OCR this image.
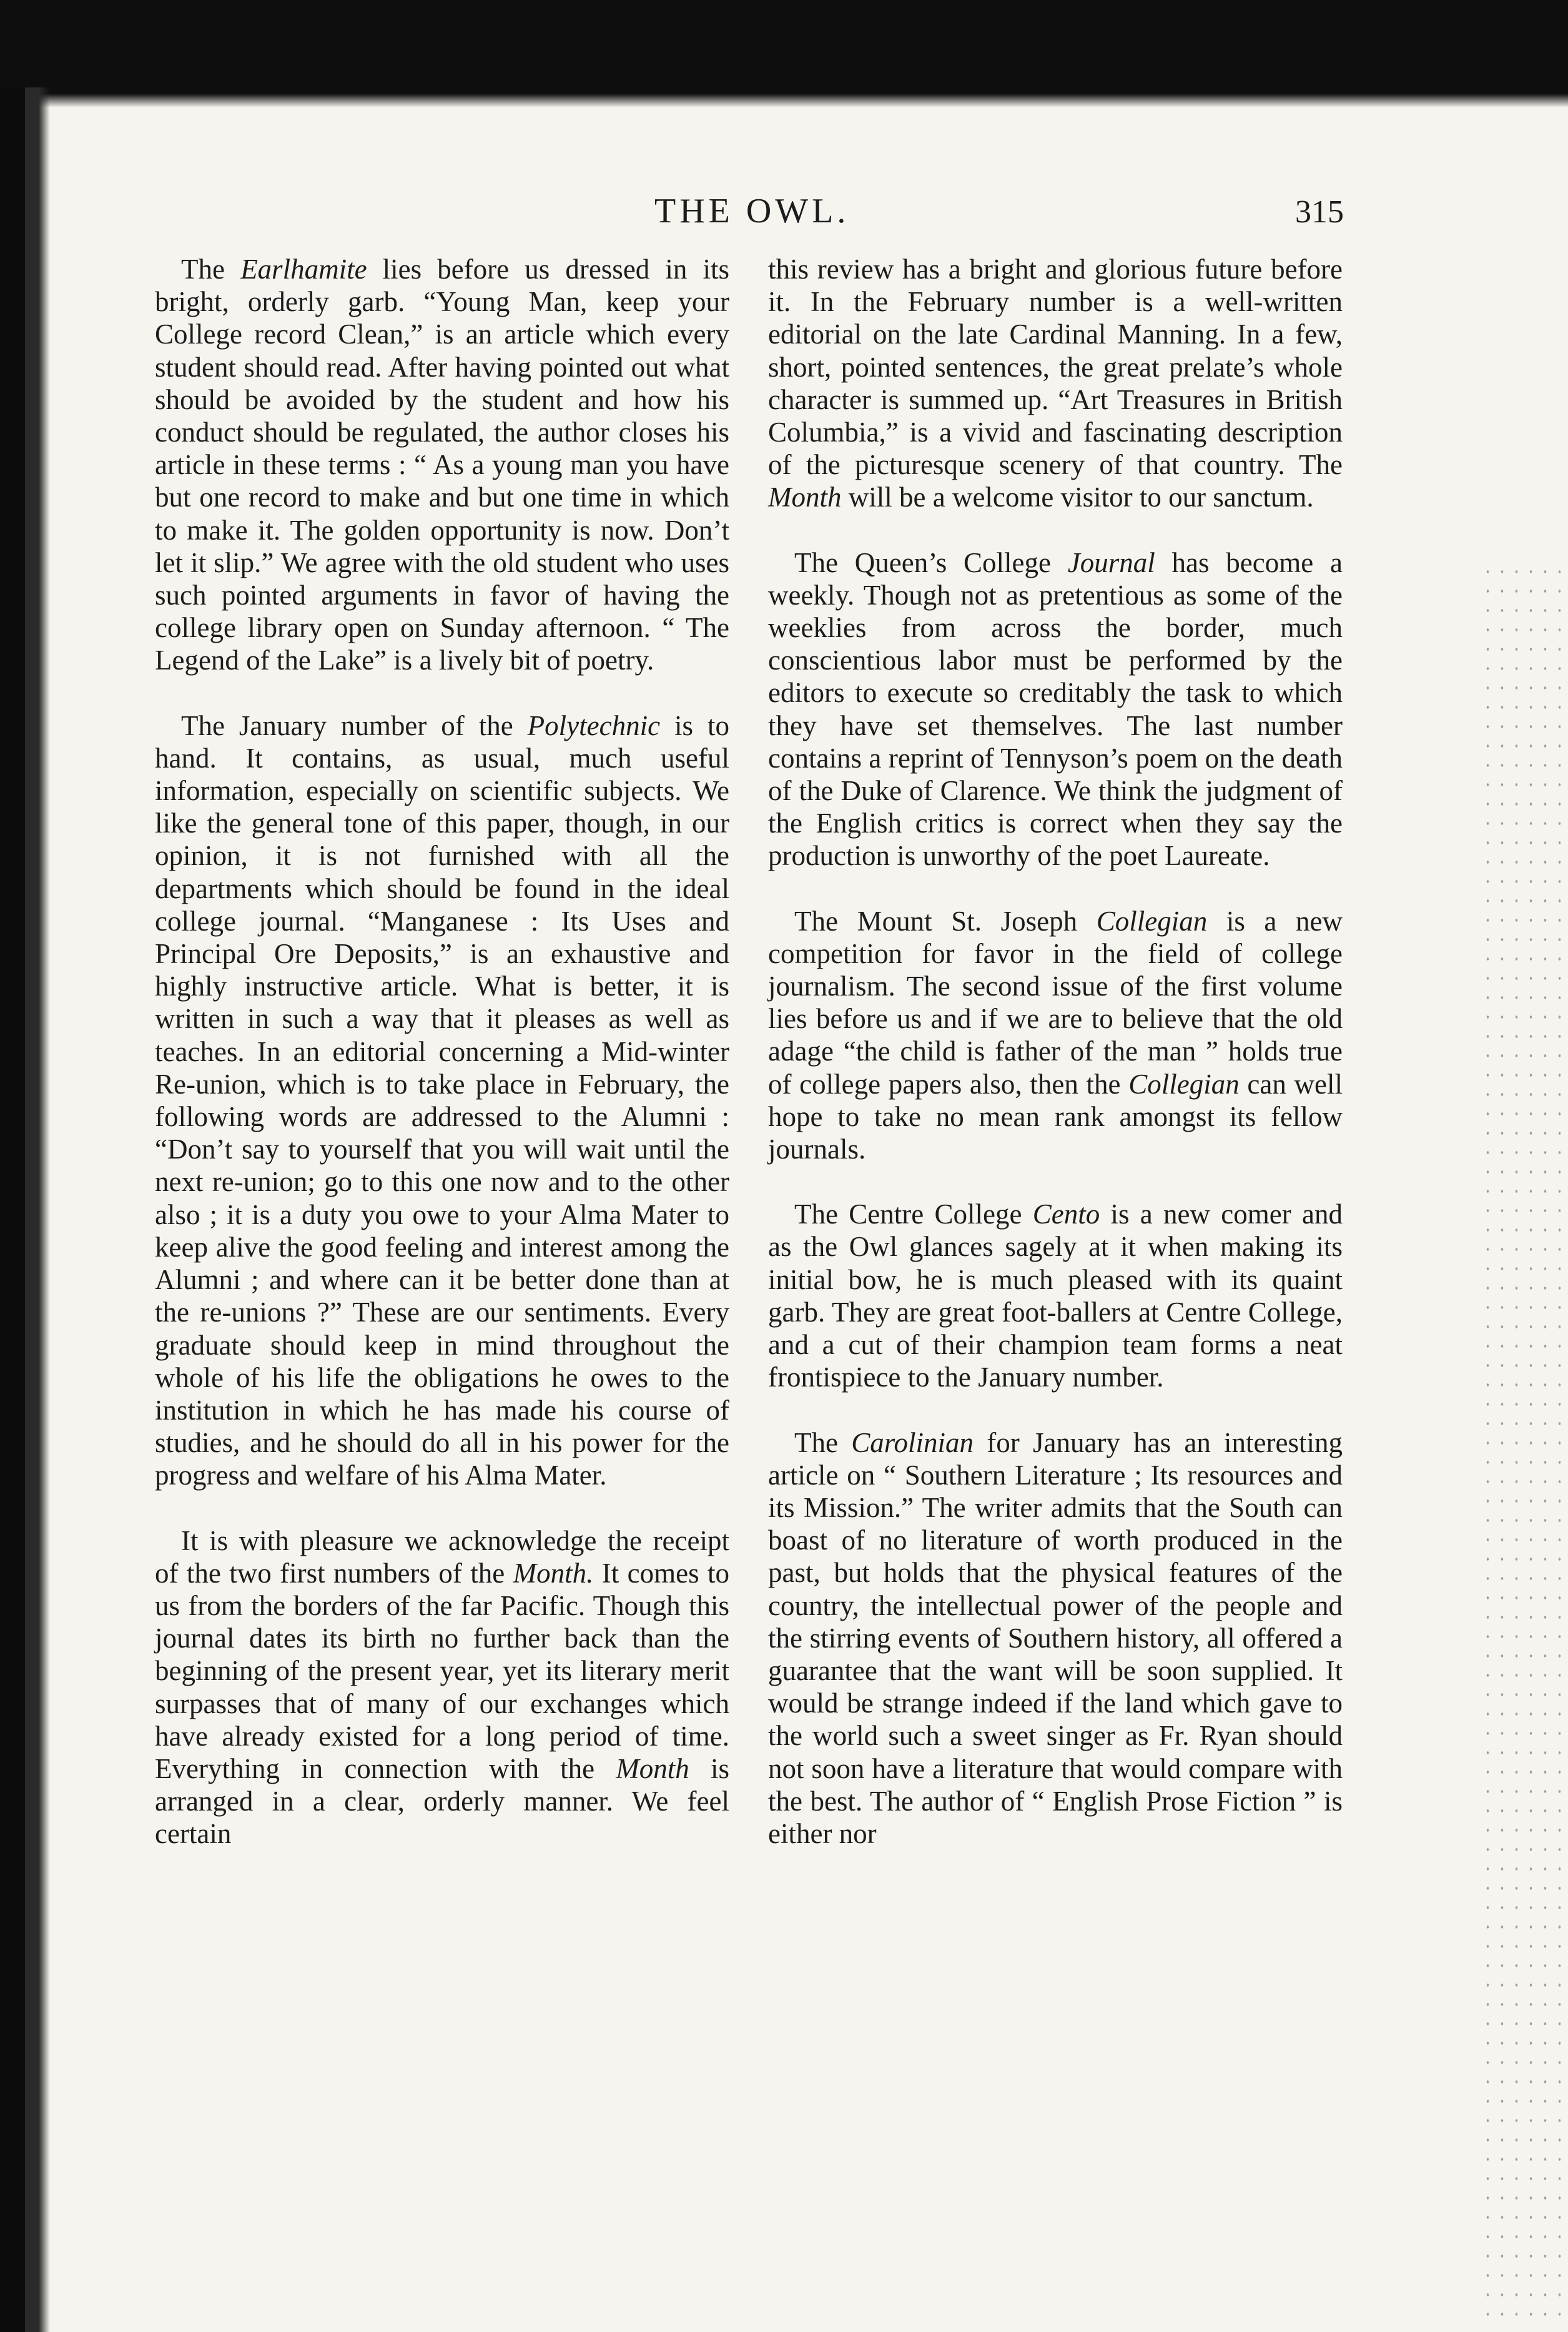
THE OWL.	315

The Earlhamite lies before us dressed in its bright, orderly garb. “Young Man, keep your College record Clean,” is an article which every student should read. After having pointed out what should be avoided by the student and how his conduct should be regulated, the author closes his article in these terms : “ As a young man you have but one record to make and but one time in which to make it. The golden opportunity is now. Don’t let it slip.” We agree with the old student who uses such pointed arguments in favor of having the college library open on Sunday afternoon. “ The Legend of the Lake” is a lively bit of poetry.

The January number of the Polytechnic is to hand. It contains, as usual, much useful information, especially on scientific subjects. We like the general tone of this paper, though, in our opinion, it is not furnished with all the departments which should be found in the ideal college journal. “Manganese : Its Uses and Principal Ore Deposits,” is an exhaustive and highly instructive article. What is better, it is written in such a way that it pleases as well as teaches. In an editorial concerning a Mid-winter Re-union, which is to take place in February, the following words are addressed to the Alumni : “Don’t say to yourself that you will wait until the next re-union; go to this one now and to the other also ; it is a duty you owe to your Alma Mater to keep alive the good feeling and interest among the Alumni ; and where can it be better done than at the re-unions ?” These are our sentiments. Every graduate should keep in mind throughout the whole of his life the obligations he owes to the institution in which he has made his course of studies, and he should do all in his power for the progress and welfare of his Alma Mater.

It is with pleasure we acknowledge the receipt of the two first numbers of the Month. It comes to us from the borders of the far Pacific. Though this journal dates its birth no further back than the beginning of the present year, yet its literary merit surpasses that of many of our exchanges which have already existed for a long period of time. Everything in connection with the Month is arranged in a clear, orderly manner. We feel certain

this review has a bright and glorious future before it. In the February number is a well-written editorial on the late Cardinal Manning. In a few, short, pointed sentences, the great prelate’s whole character is summed up. “Art Treasures in British Columbia,” is a vivid and fascinating description of the picturesque scenery of that country. The Month will be a welcome visitor to our sanctum.

The Queen’s College Journal has become a weekly. Though not as pretentious as some of the weeklies from across the border, much conscientious labor must be performed by the editors to execute so creditably the task to which they have set themselves. The last number contains a reprint of Tennyson’s poem on the death of the Duke of Clarence. We think the judgment of the English critics is correct when they say the production is unworthy of the poet Laureate.

The Mount St. Joseph Collegian is a new competition for favor in the field of college journalism. The second issue of the first volume lies before us and if we are to believe that the old adage “the child is father of the man ” holds true of college papers also, then the Collegian can well hope to take no mean rank amongst its fellow journals.

The Centre College Cento is a new comer and as the Owl glances sagely at it when making its initial bow, he is much pleased with its quaint garb. They are great foot-ballers at Centre College, and a cut of their champion team forms a neat frontispiece to the January number.

The Carolinian for January has an interesting article on “ Southern Literature ; Its resources and its Mission.” The writer admits that the South can boast of no literature of worth produced in the past, but holds that the physical features of the country, the intellectual power of the people and the stirring events of Southern history, all offered a guarantee that the want will be soon supplied. It would be strange indeed if the land which gave to the world such a sweet singer as Fr. Ryan should not soon have a literature that would compare with the best. The author of “ English Prose Fiction ” is either nor
